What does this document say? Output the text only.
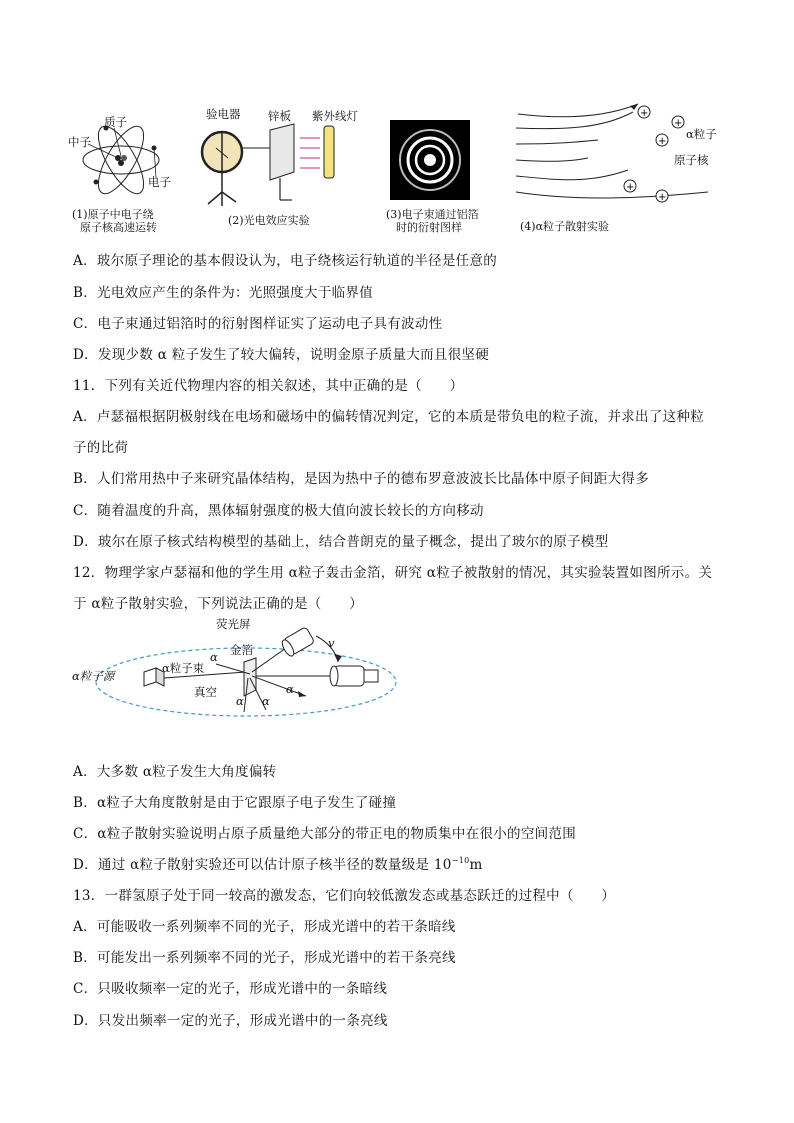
质子
中子
电子
(1)原子中电子绕
原子核高速运转
验电器 锌板 紫外线灯
(2)光电效应实验	(3)电子束通过铝箔
时的衍射图样
+
+
+
+
+
α粒子
原子核
(4)α粒子散射实验
A．玻尔原子理论的基本假设认为，电子绕核运行轨道的半径是任意的
B．光电效应产生的条件为：光照强度大于临界值
C．电子束通过铝箔时的衍射图样证实了运动电子具有波动性
D．发现少数 α 粒子发生了较大偏转，说明金原子质量大而且很坚硬
11．下列有关近代物理内容的相关叙述，其中正确的是（　　）
A．卢瑟福根据阴极射线在电场和磁场中的偏转情况判定，它的本质是带负电的粒子流，并求出了这种粒
子的比荷
B．人们常用热中子来研究晶体结构，是因为热中子的德布罗意波波长比晶体中原子间距大得多
C．随着温度的升高，黑体辐射强度的极大值向波长较长的方向移动
D．玻尔在原子核式结构模型的基础上，结合普朗克的量子概念，提出了玻尔的原子模型
12．物理学家卢瑟福和他的学生用 α粒子轰击金箔，研究 α粒子被散射的情况，其实验装置如图所示。关
于 α粒子散射实验，下列说法正确的是（　　）
荧光屏
金箔
α粒子源
α粒子束
真空
v
α
α α
α
A．大多数 α粒子发生大角度偏转
B．α粒子大角度散射是由于它跟原子电子发生了碰撞
C．α粒子散射实验说明占原子质量绝大部分的带正电的物质集中在很小的空间范围
D．通过 α粒子散射实验还可以估计原子核半径的数量级是 $10^{-10}m$
13．一群氢原子处于同一较高的激发态，它们向较低激发态或基态跃迁的过程中（　　）
A．可能吸收一系列频率不同的光子，形成光谱中的若干条暗线
B．可能发出一系列频率不同的光子，形成光谱中的若干条亮线
C．只吸收频率一定的光子，形成光谱中的一条暗线
D．只发出频率一定的光子，形成光谱中的一条亮线
